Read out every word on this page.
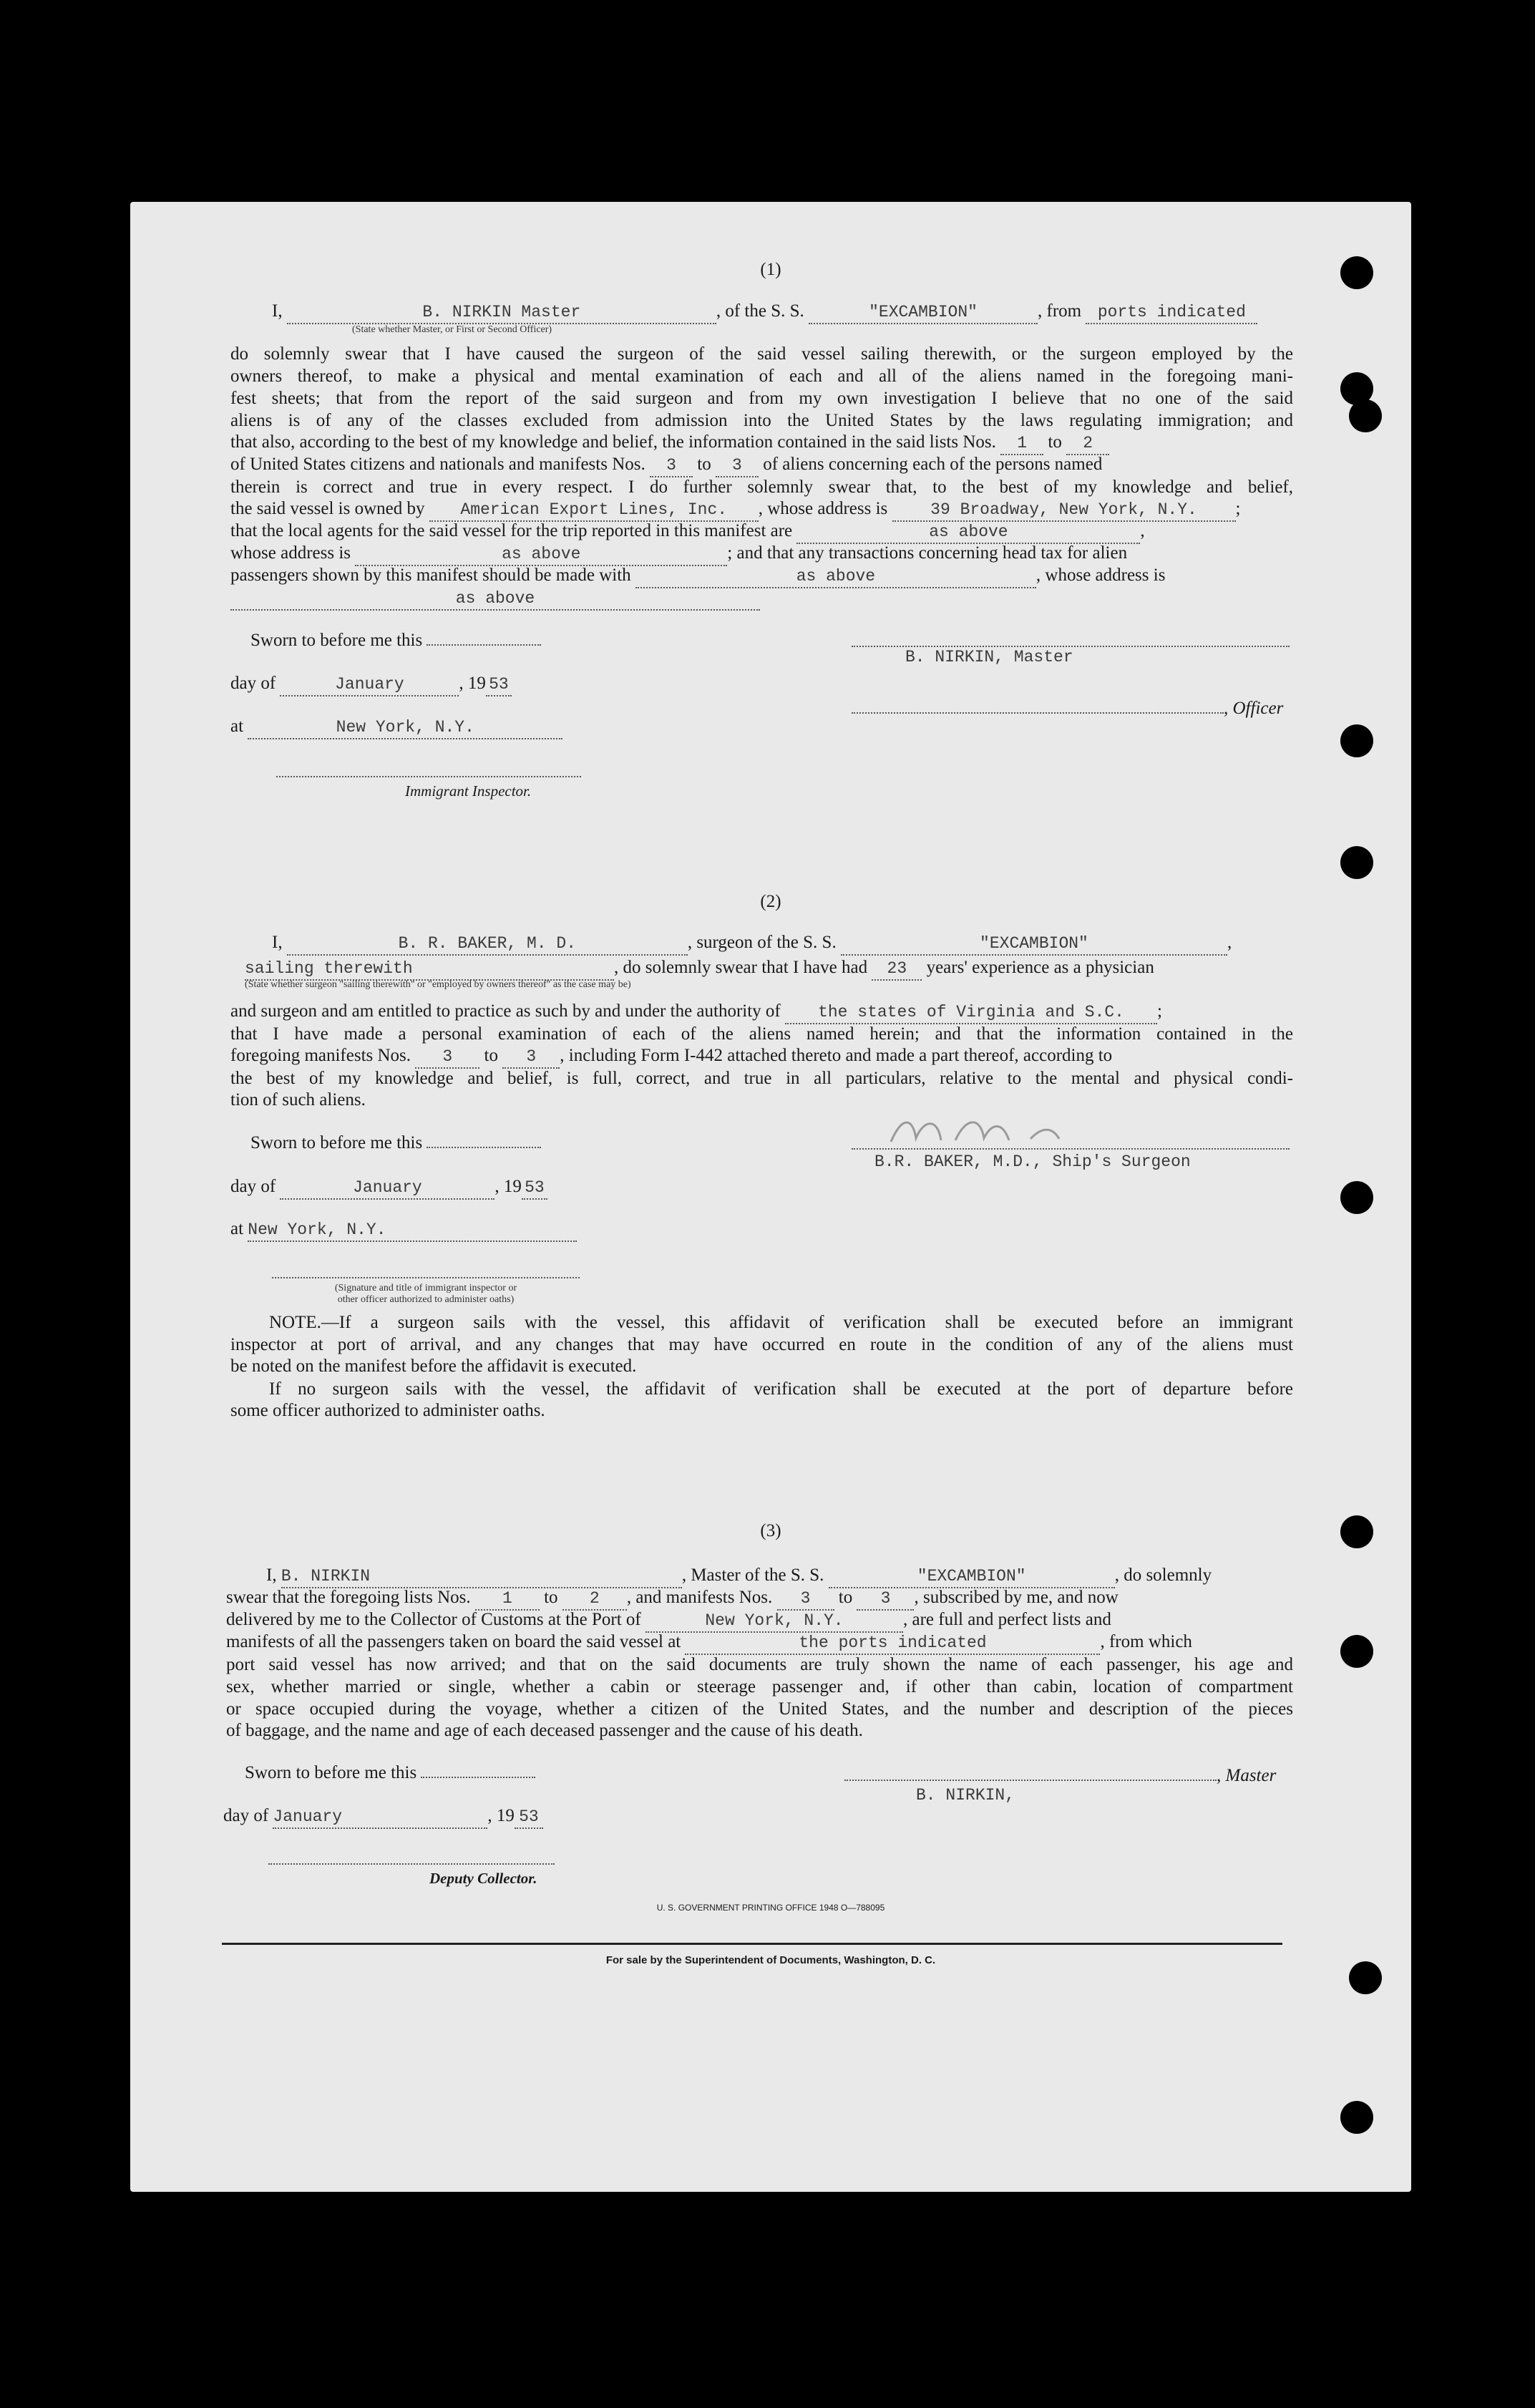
(1)
I,	B. NIRKIN Master	, of the S. S.	"EXCAMBION"	, from ports indicated
(State whether Master, or First or Second Officer)
do solemnly swear that I have caused the surgeon of the said vessel sailing therewith, or the surgeon employed by the
owners thereof, to make a physical and mental examination of each and all of the aliens named in the foregoing mani-
fest sheets; that from the report of the said surgeon and from my own investigation I believe that no one of the said
aliens is of any of the classes excluded from admission into the United States by the laws regulating immigration; and
that also, according to the best of my knowledge and belief, the information contained in the said lists Nos. 1 to 2
of United States citizens and nationals and manifests Nos. 3 to 3 of aliens concerning each of the persons named
therein is correct and true in every respect. I do further solemnly swear that, to the best of my knowledge and belief,
the said vessel is owned by American Export Lines, Inc. , whose address is	39 Broadway, New York, N.Y. ;
that the local agents for the said vessel for the trip reported in this manifest are	as above	,
whose address is	as above	; and that any transactions concerning head tax for alien
passengers shown by this manifest should be made with	as above	, whose address is
as above
Sworn to before me this
day of	January	, 19 53
at	New York, N.Y.
Immigrant Inspector.
B. NIRKIN, Master
, Officer
(2)
I,	B. R. BAKER, M. D.	, surgeon of the S. S.	"EXCAMBION"	,
sailing therewith	, do solemnly swear that I have had 23 years' experience as a physician
(State whether surgeon "sailing therewith" or "employed by owners thereof" as the case may be)
and surgeon and am entitled to practice as such by and under the authority of the states of Virginia and S.C. ;
that I have made a personal examination of each of the aliens named herein; and that the information contained in the
foregoing manifests Nos. 3 to 3 , including Form I-442 attached thereto and made a part thereof, according to
the best of my knowledge and belief, is full, correct, and true in all particulars, relative to the mental and physical condi-
tion of such aliens.
Sworn to before me this
day of	January	, 19 53
at New York, N.Y.
(Signature and title of immigrant inspector or
other officer authorized to administer oaths)
B.R. BAKER, M.D., Ship's Surgeon
NOTE.—If a surgeon sails with the vessel, this affidavit of verification shall be executed before an immigrant
inspector at port of arrival, and any changes that may have occurred en route in the condition of any of the aliens must
be noted on the manifest before the affidavit is executed.
If no surgeon sails with the vessel, the affidavit of verification shall be executed at the port of departure before
some officer authorized to administer oaths.
(3)
I, B. NIRKIN	, Master of the S. S.	"EXCAMBION"	, do solemnly
swear that the foregoing lists Nos. 1 to 2 , and manifests Nos. 3 to 3 , subscribed by me, and now
delivered by me to the Collector of Customs at the Port of	New York, N.Y.	, are full and perfect lists and
manifests of all the passengers taken on board the said vessel at	the ports indicated	, from which
port said vessel has now arrived; and that on the said documents are truly shown the name of each passenger, his age and
sex, whether married or single, whether a cabin or steerage passenger and, if other than cabin, location of compartment
or space occupied during the voyage, whether a citizen of the United States, and the number and description of the pieces
of baggage, and the name and age of each deceased passenger and the cause of his death.
Sworn to before me this	, Master
B. NIRKIN,
day of January	, 19 53
Deputy Collector.
U. S. GOVERNMENT PRINTING OFFICE 1948 O—788095
For sale by the Superintendent of Documents, Washington, D. C.
